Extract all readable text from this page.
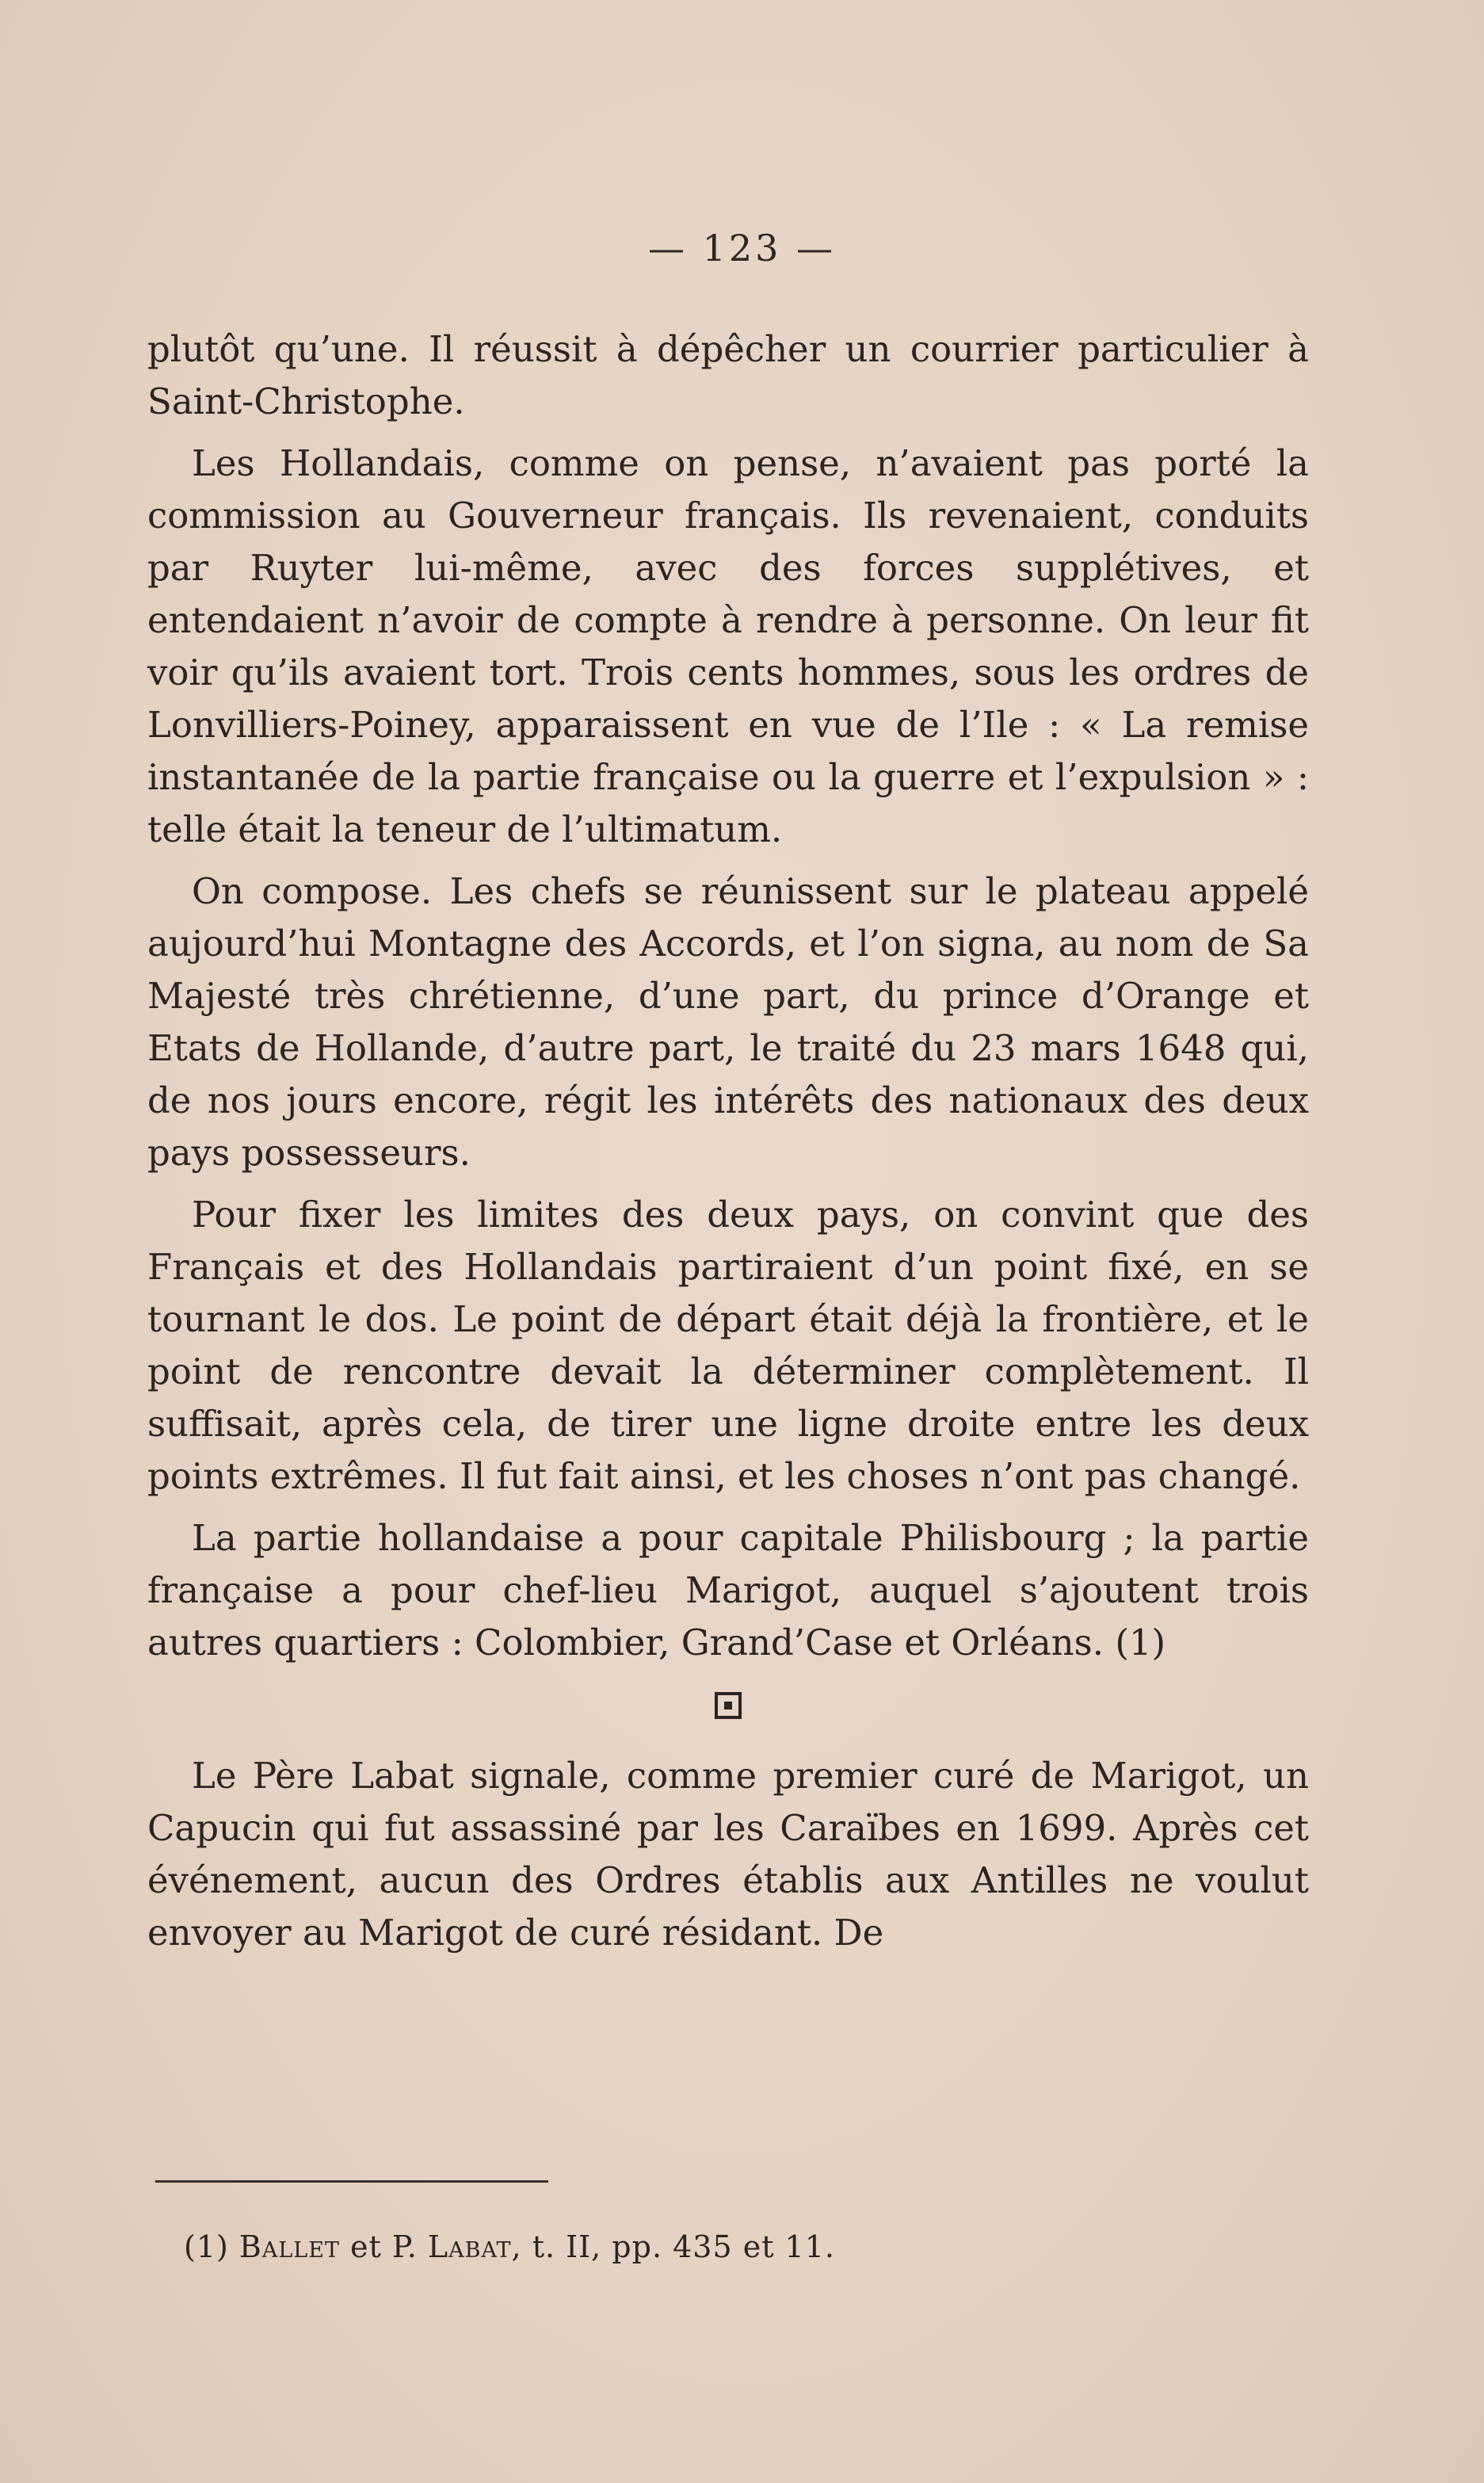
— 123 —

plutôt qu’une. Il réussit à dépêcher un courrier particulier à Saint-Christophe.

Les Hollandais, comme on pense, n’avaient pas porté la commission au Gouverneur français. Ils revenaient, conduits par Ruyter lui-même, avec des forces supplétives, et entendaient n’avoir de compte à rendre à personne. On leur fit voir qu’ils avaient tort. Trois cents hommes, sous les ordres de Lonvilliers-Poiney, apparaissent en vue de l’Ile : « La remise instantanée de la partie française ou la guerre et l’expulsion » : telle était la teneur de l’ultimatum.

On compose. Les chefs se réunissent sur le plateau appelé aujourd’hui Montagne des Accords, et l’on signa, au nom de Sa Majesté très chrétienne, d’une part, du prince d’Orange et Etats de Hollande, d’autre part, le traité du 23 mars 1648 qui, de nos jours encore, régit les intérêts des nationaux des deux pays possesseurs.

Pour fixer les limites des deux pays, on convint que des Français et des Hollandais partiraient d’un point fixé, en se tournant le dos. Le point de départ était déjà la frontière, et le point de rencontre devait la déterminer complètement. Il suffisait, après cela, de tirer une ligne droite entre les deux points extrêmes. Il fut fait ainsi, et les choses n’ont pas changé.

La partie hollandaise a pour capitale Philisbourg ; la partie française a pour chef-lieu Marigot, auquel s’ajoutent trois autres quartiers : Colombier, Grand’Case et Orléans. (1)

Le Père Labat signale, comme premier curé de Marigot, un Capucin qui fut assassiné par les Caraïbes en 1699. Après cet événement, aucun des Ordres établis aux Antilles ne voulut envoyer au Marigot de curé résidant. De

(1) Ballet et P. Labat, t. II, pp. 435 et 11.
